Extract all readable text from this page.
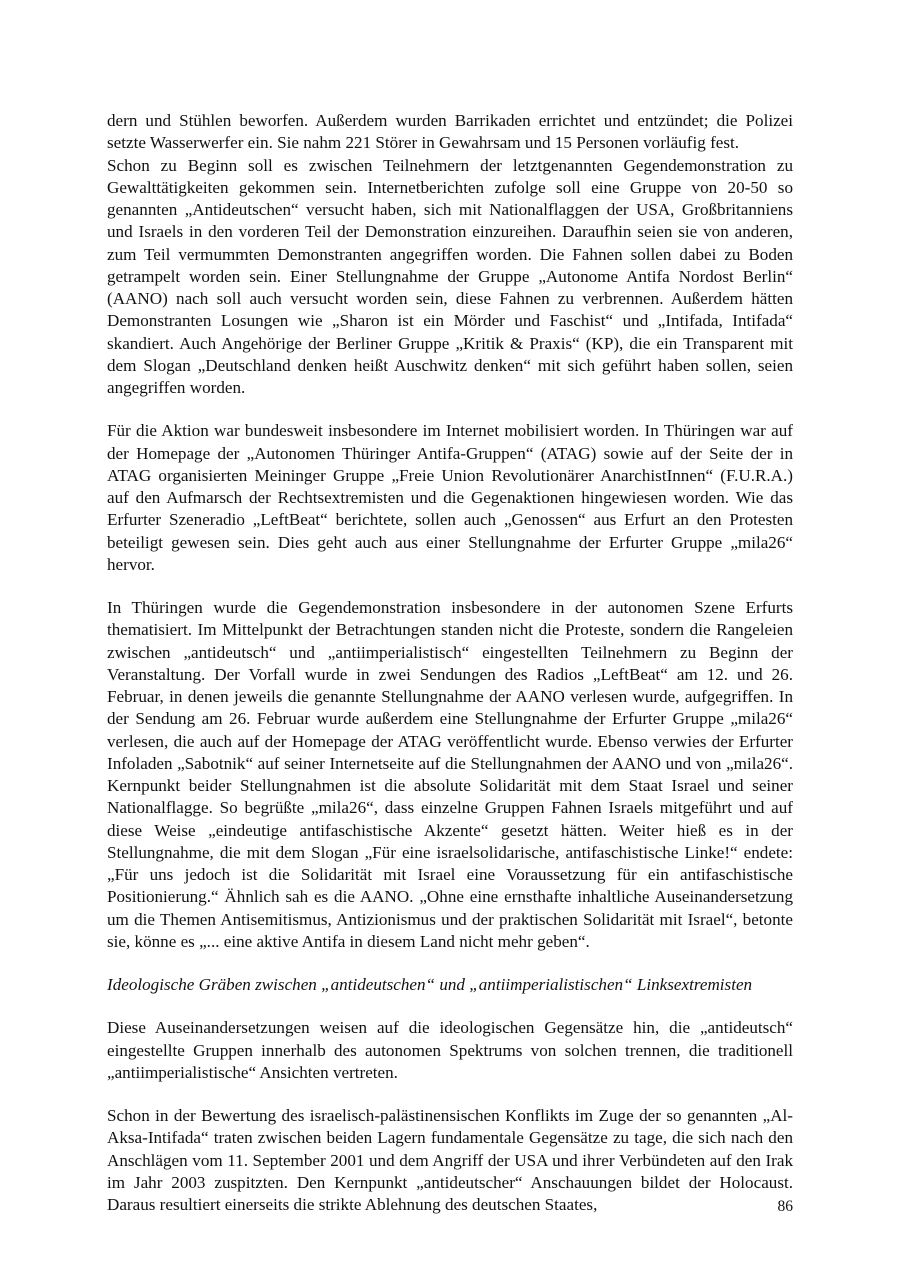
dern und Stühlen beworfen. Außerdem wurden Barrikaden errichtet und entzündet; die Polizei setzte Wasserwerfer ein. Sie nahm 221 Störer in Gewahrsam und 15 Personen vorläufig fest.

Schon zu Beginn soll es zwischen Teilnehmern der letztgenannten Gegendemonstration zu Gewalttätigkeiten gekommen sein. Internetberichten zufolge soll eine Gruppe von 20-50 so genannten „Antideutschen“ versucht haben, sich mit Nationalflaggen der USA, Großbritanniens und Israels in den vorderen Teil der Demonstration einzureihen. Daraufhin seien sie von anderen, zum Teil vermummten Demonstranten angegriffen worden. Die Fahnen sollen dabei zu Boden getrampelt worden sein. Einer Stellungnahme der Gruppe „Autonome Antifa Nordost Berlin“ (AANO) nach soll auch versucht worden sein, diese Fahnen zu verbrennen. Außerdem hätten Demonstranten Losungen wie „Sharon ist ein Mörder und Faschist“ und „Intifada, Intifada“ skandiert. Auch Angehörige der Berliner Gruppe „Kritik & Praxis“ (KP), die ein Transparent mit dem Slogan „Deutschland denken heißt Auschwitz denken“ mit sich geführt haben sollen, seien angegriffen worden.

Für die Aktion war bundesweit insbesondere im Internet mobilisiert worden. In Thüringen war auf der Homepage der „Autonomen Thüringer Antifa-Gruppen“ (ATAG) sowie auf der Seite der in ATAG organisierten Meininger Gruppe „Freie Union Revolutionärer AnarchistInnen“ (F.U.R.A.) auf den Aufmarsch der Rechtsextremisten und die Gegenaktionen hingewiesen worden. Wie das Erfurter Szeneradio „LeftBeat“ berichtete, sollen auch „Genossen“ aus Erfurt an den Protesten beteiligt gewesen sein. Dies geht auch aus einer Stellungnahme der Erfurter Gruppe „mila26“ hervor.

In Thüringen wurde die Gegendemonstration insbesondere in der autonomen Szene Erfurts thematisiert. Im Mittelpunkt der Betrachtungen standen nicht die Proteste, sondern die Rangeleien zwischen „antideutsch“ und „antiimperialistisch“ eingestellten Teilnehmern zu Beginn der Veranstaltung. Der Vorfall wurde in zwei Sendungen des Radios „LeftBeat“ am 12. und 26. Februar, in denen jeweils die genannte Stellungnahme der AANO verlesen wurde, aufgegriffen. In der Sendung am 26. Februar wurde außerdem eine Stellungnahme der Erfurter Gruppe „mila26“ verlesen, die auch auf der Homepage der ATAG veröffentlicht wurde. Ebenso verwies der Erfurter Infoladen „Sabotnik“ auf seiner Internetseite auf die Stellungnahmen der AANO und von „mila26“. Kernpunkt beider Stellungnahmen ist die absolute Solidarität mit dem Staat Israel und seiner Nationalflagge. So begrüßte „mila26“, dass einzelne Gruppen Fahnen Israels mitgeführt und auf diese Weise „eindeutige antifaschistische Akzente“ gesetzt hätten. Weiter hieß es in der Stellungnahme, die mit dem Slogan „Für eine israelsolidarische, antifaschistische Linke!“ endete: „Für uns jedoch ist die Solidarität mit Israel eine Voraussetzung für ein antifaschistische Positionierung.“ Ähnlich sah es die AANO. „Ohne eine ernsthafte inhaltliche Auseinandersetzung um die Themen Antisemitismus, Antizionismus und der praktischen Solidarität mit Israel“, betonte sie, könne es „... eine aktive Antifa in diesem Land nicht mehr geben“.

Ideologische Gräben zwischen „antideutschen“ und „antiimperialistischen“ Linksextremisten

Diese Auseinandersetzungen weisen auf die ideologischen Gegensätze hin, die „antideutsch“ eingestellte Gruppen innerhalb des autonomen Spektrums von solchen trennen, die traditionell „antiimperialistische“ Ansichten vertreten.

Schon in der Bewertung des israelisch-palästinensischen Konflikts im Zuge der so genannten „Al-Aksa-Intifada“ traten zwischen beiden Lagern fundamentale Gegensätze zu tage, die sich nach den Anschlägen vom 11. September 2001 und dem Angriff der USA und ihrer Verbündeten auf den Irak im Jahr 2003 zuspitzten. Den Kernpunkt „antideutscher“ Anschauungen bildet der Holocaust. Daraus resultiert einerseits die strikte Ablehnung des deutschen Staates,	86
